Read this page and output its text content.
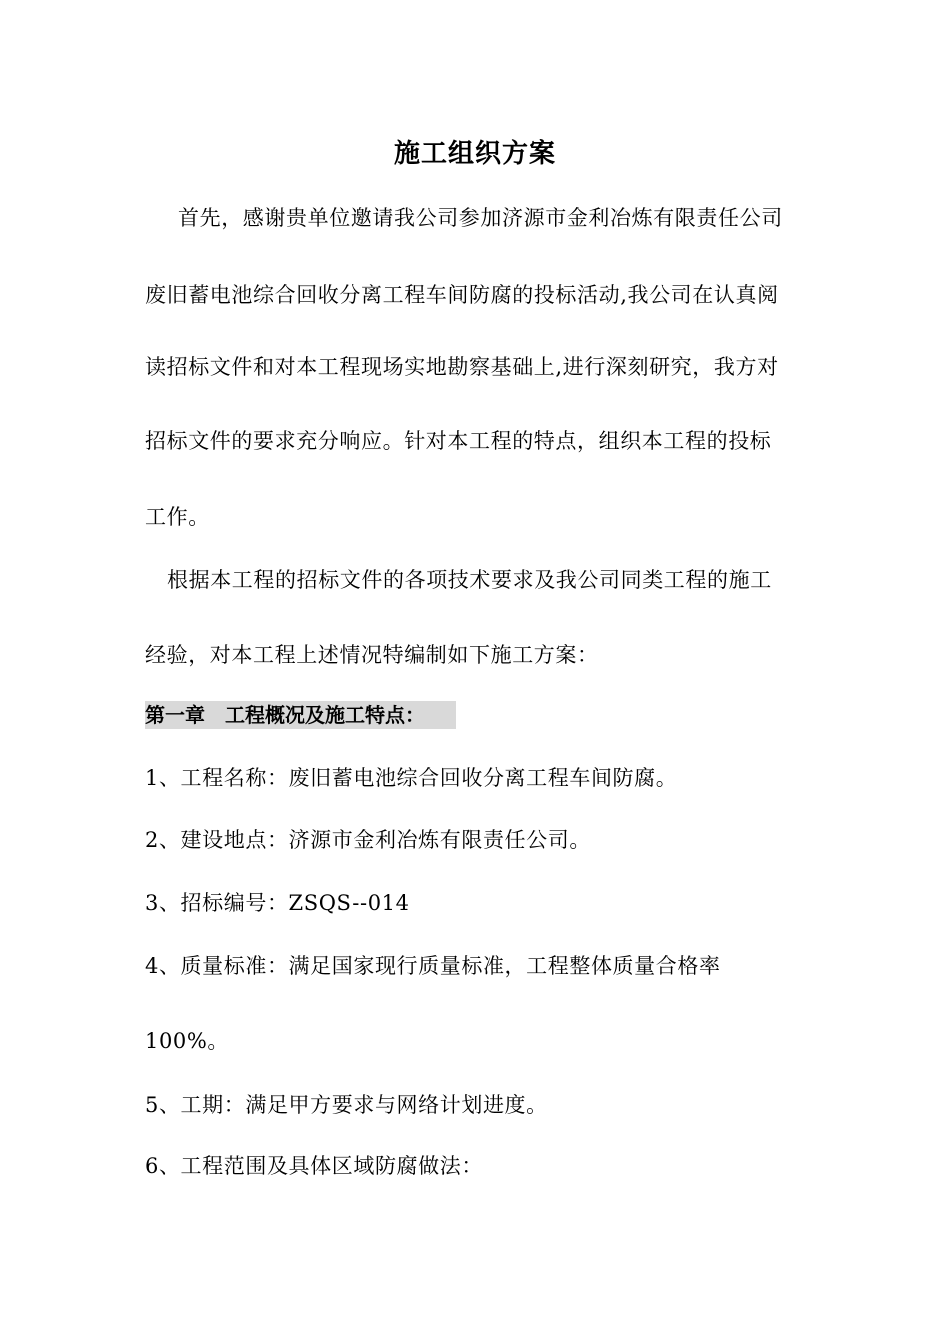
施工组织方案
首先，感谢贵单位邀请我公司参加济源市金利冶炼有限责任公司
废旧蓄电池综合回收分离工程车间防腐的投标活动,我公司在认真阅
读招标文件和对本工程现场实地勘察基础上,进行深刻研究，我方对
招标文件的要求充分响应。针对本工程的特点，组织本工程的投标
工作。
根据本工程的招标文件的各项技术要求及我公司同类工程的施工
经验，对本工程上述情况特编制如下施工方案：
第一章　工程概况及施工特点：
1、工程名称：废旧蓄电池综合回收分离工程车间防腐。
2、建设地点：济源市金利冶炼有限责任公司。
3、招标编号：ZSQS--014
4、质量标准：满足国家现行质量标准，工程整体质量合格率
100%。
5、工期：满足甲方要求与网络计划进度。
6、工程范围及具体区域防腐做法：
